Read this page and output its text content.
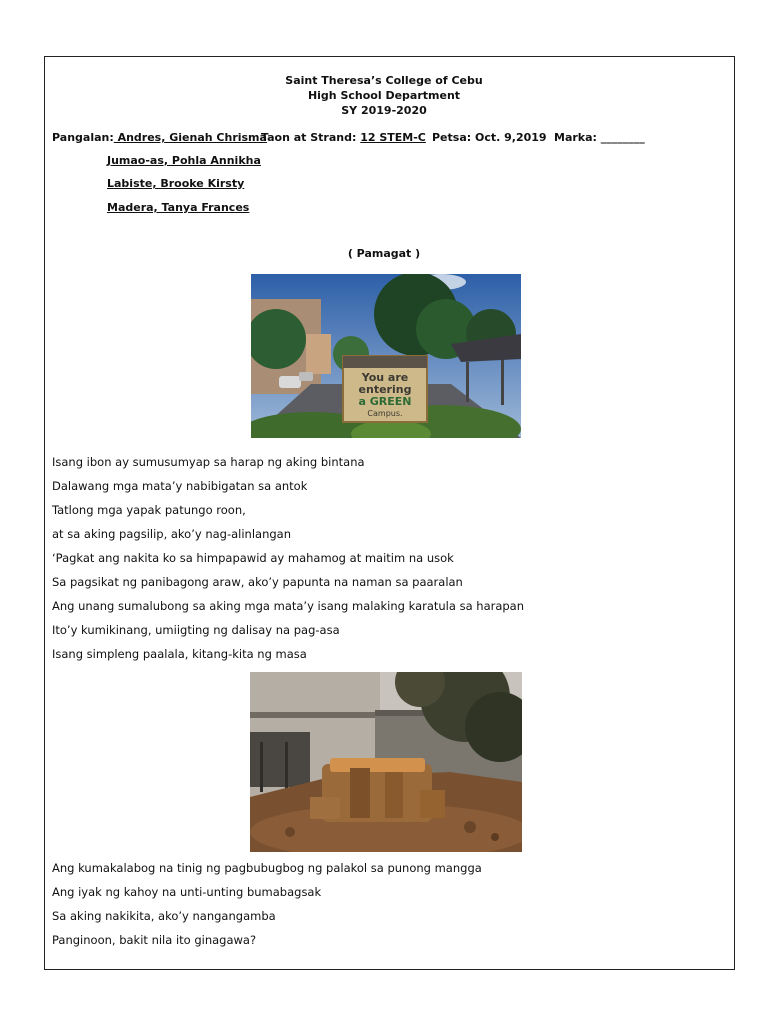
Saint Theresa’s College of Cebu
High School Department
SY 2019-2020
Pangalan: Andres, Gienah Chrisma
Taon at Strand: 12 STEM-C Petsa: Oct. 9,2019 Marka: ________
Jumao-as, Pohla Annikha
Labiste, Brooke Kirsty
Madera, Tanya Frances
( Pamagat )
You are
entering
a GREEN
Campus.
Isang ibon ay sumusumyap sa harap ng aking bintana
Dalawang mga mata’y nabibigatan sa antok
Tatlong mga yapak patungo roon,
at sa aking pagsilip, ako’y nag-alinlangan
‘Pagkat ang nakita ko sa himpapawid ay mahamog at maitim na usok
Sa pagsikat ng panibagong araw, ako’y papunta na naman sa paaralan
Ang unang sumalubong sa aking mga mata’y isang malaking karatula sa harapan
Ito’y kumikinang, umiigting ng dalisay na pag-asa
Isang simpleng paalala, kitang-kita ng masa
Ang kumakalabog na tinig ng pagbubugbog ng palakol sa punong mangga
Ang iyak ng kahoy na unti-unting bumabagsak
Sa aking nakikita, ako’y nangangamba
Panginoon, bakit nila ito ginagawa?
